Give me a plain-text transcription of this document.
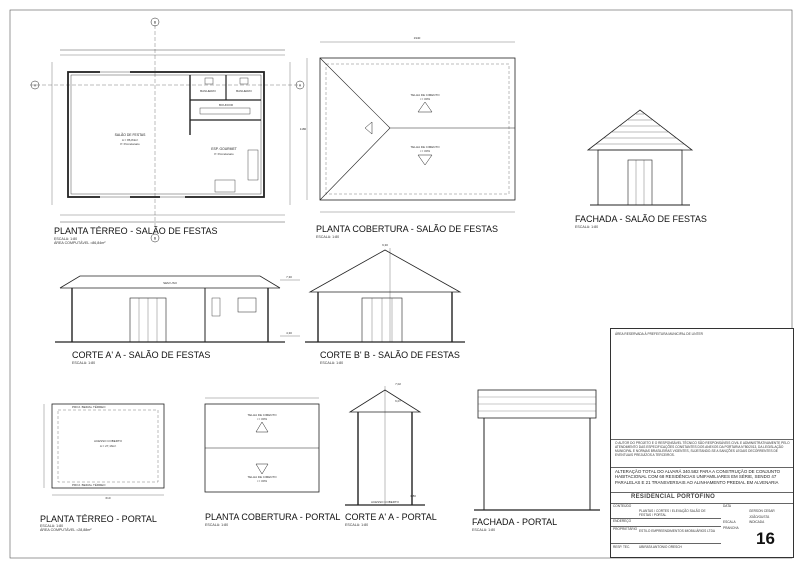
A	A
B
B
SALÃO DE FESTAS
A = 86,84m²
P. Porcelanato
BANHEIRO	BANHEIRO
BOUDOIR
ESP. GOURMET
P. Porcelanato
1940
1180
TELHA DE CIMENTO
i = 30%
TELHA DE CIMENTO
i = 30%
SEM USO
9,30
7,30
4,30
ACESSO COBERTO
A = 27,16m²
PROJ. BEIRAL TÉRREO
PROJ. BEIRAL TÉRREO
610
TELHA DE CIMENTO
i = 30%
TELHA DE CIMENTO
i = 30%
7,02
6,07
3,80
ACESSO COBERTO
PLANTA TÉRREO - SALÃO DE FESTAS
ESCALA: 1:80
ÁREA COMPUTÁVEL =86,84m²
PLANTA COBERTURA - SALÃO DE FESTAS
ESCALA: 1:80
FACHADA - SALÃO DE FESTAS
ESCALA: 1:80
CORTE A' A - SALÃO DE FESTAS
ESCALA: 1:80
CORTE B' B - SALÃO DE FESTAS
ESCALA: 1:80
PLANTA TÉRREO - PORTAL
ESCALA: 1:80
ÁREA COMPUTÁVEL =28,88m²
PLANTA COBERTURA - PORTAL
ESCALA: 1:80
CORTE A' A - PORTAL
ESCALA: 1:80	FACHADA - PORTAL
ESCALA: 1:80
ÁREA RESERVADA À PREFEITURA MUNICIPAL DE LINTER
O AUTOR DO PROJETO E O RESPONSÁVEL TÉCNICO SÃO RESPONSÁVEIS CIVIL E ADMINISTRATIVAMENTE PELO ATENDIMENTO DAS ESPECIFICAÇÕES CONSTANTES DOS ANEXOS DA PORTARIA N°80/2013, DA LEGISLAÇÃO MUNICIPAL E NORMAS BRASILEIRAS VIGENTES, SUJEITANDO-SE A SANÇÕES LEGAIS DECORRENTES DE EVENTUAIS PREJUÍZOS A TERCEIROS.
ALTERAÇÃO TOTAL DO ALVARÁ 340.582 PARA A CONSTRUÇÃO DE CONJUNTO HABITACIONAL COM 68 RESIDÊNCIAS UNIFAMILIARES EM SÉRIE, SENDO 47 PARALELAS E 21 TRANSVERSAIS AO ALINHAMENTO PREDIAL EM ALVENARIA
RESIDENCIAL PORTOFINO
CONTEÚDO
PLANTAS / CORTES / ELEVAÇÃO SALÃO DE FESTAS / PORTAL
DATA
GERSON CESAR
JOÃO/GUSTA
ESCALA	INDICADA
ENDEREÇO
PROPRIETÁRIO ESTILO EMPREENDIMENTOS IMOBILIÁRIOS LTDA
PRANCHA
RESP. TEC.	UBIRATA ANTONIO ORESCH	16
